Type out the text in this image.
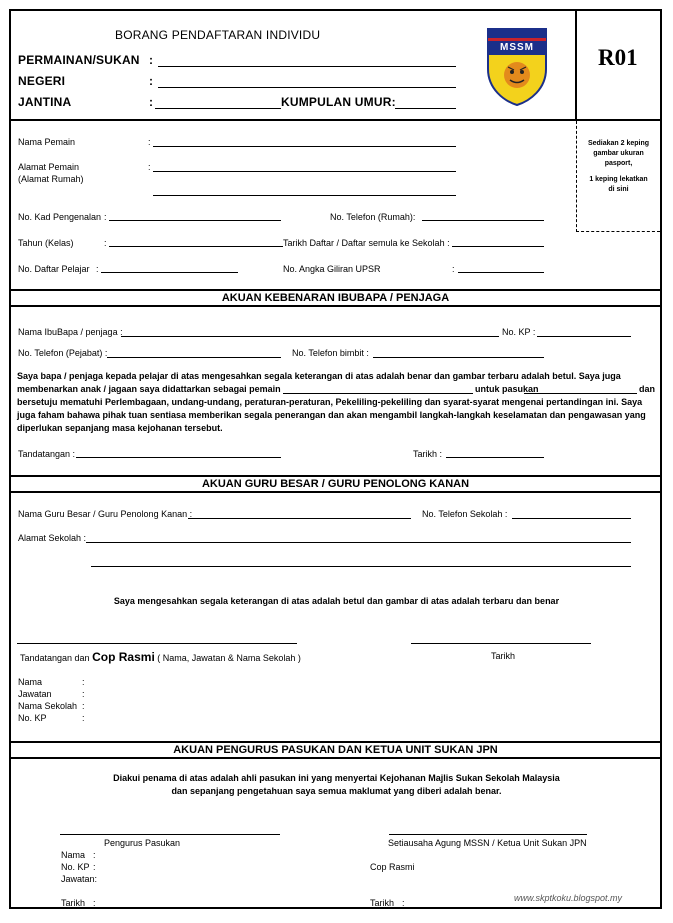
BORANG PENDAFTARAN INDIVIDU
PERMAINAN/SUKAN :
NEGERI	:
JANTINA	:	KUMPULAN UMUR:
MSSM	R01
Sediakan 2 keping
gambar ukuran
pasport,
1 keping lekatkan
di sini
Nama Pemain	:
Alamat Pemain
(Alamat Rumah)
:
No. Kad Pengenalan :	No. Telefon (Rumah):
Tahun (Kelas)	:	Tarikh Daftar / Daftar semula ke Sekolah :
No. Daftar Pelajar :	No. Angka Giliran UPSR	:
AKUAN KEBENARAN IBUBAPA / PENJAGA
Nama IbuBapa / penjaga :	No. KP :
No. Telefon (Pejabat) :	No. Telefon bimbit :
Saya bapa / penjaga kepada pelajar di atas mengesahkan segala keterangan di atas adalah benar dan gambar terbaru adalah betul. Saya juga
membenarkan anak / jagaan saya didattarkan sebagai pemain	untuk pasukan	dan
bersetuju mematuhi Perlembagaan, undang-undang, peraturan-peraturan, Pekeliling-pekeliling dan syarat-syarat mengenai pertandingan ini. Saya
juga faham bahawa pihak tuan sentiasa memberikan segala penerangan dan akan mengambil langkah-langkah keselamatan dan pengawasan yang
diperlukan sepanjang masa kejohanan tersebut.
Tandatangan :	Tarikh :
AKUAN GURU BESAR / GURU PENOLONG KANAN
Nama Guru Besar / Guru Penolong Kanan :	No. Telefon Sekolah :
Alamat Sekolah :
Saya mengesahkan segala keterangan di atas adalah betul dan gambar di atas adalah terbaru dan benar
Tandatangan dan Cop Rasmi ( Nama, Jawatan & Nama Sekolah )	Tarikh
Nama	:
Jawatan	:
Nama Sekolah :
No. KP	:
AKUAN PENGURUS PASUKAN DAN KETUA UNIT SUKAN JPN
Diakui penama di atas adalah ahli pasukan ini yang menyertai Kejohanan Majlis Sukan Sekolah Malaysia
dan sepanjang pengetahuan saya semua maklumat yang diberi adalah benar.
Pengurus Pasukan	Setiausaha Agung MSSN / Ketua Unit Sukan JPN
Nama :
No. KP :
Jawatan:
Cop Rasmi
Tarikh :	Tarikh :	www.skptkoku.blogspot.my
